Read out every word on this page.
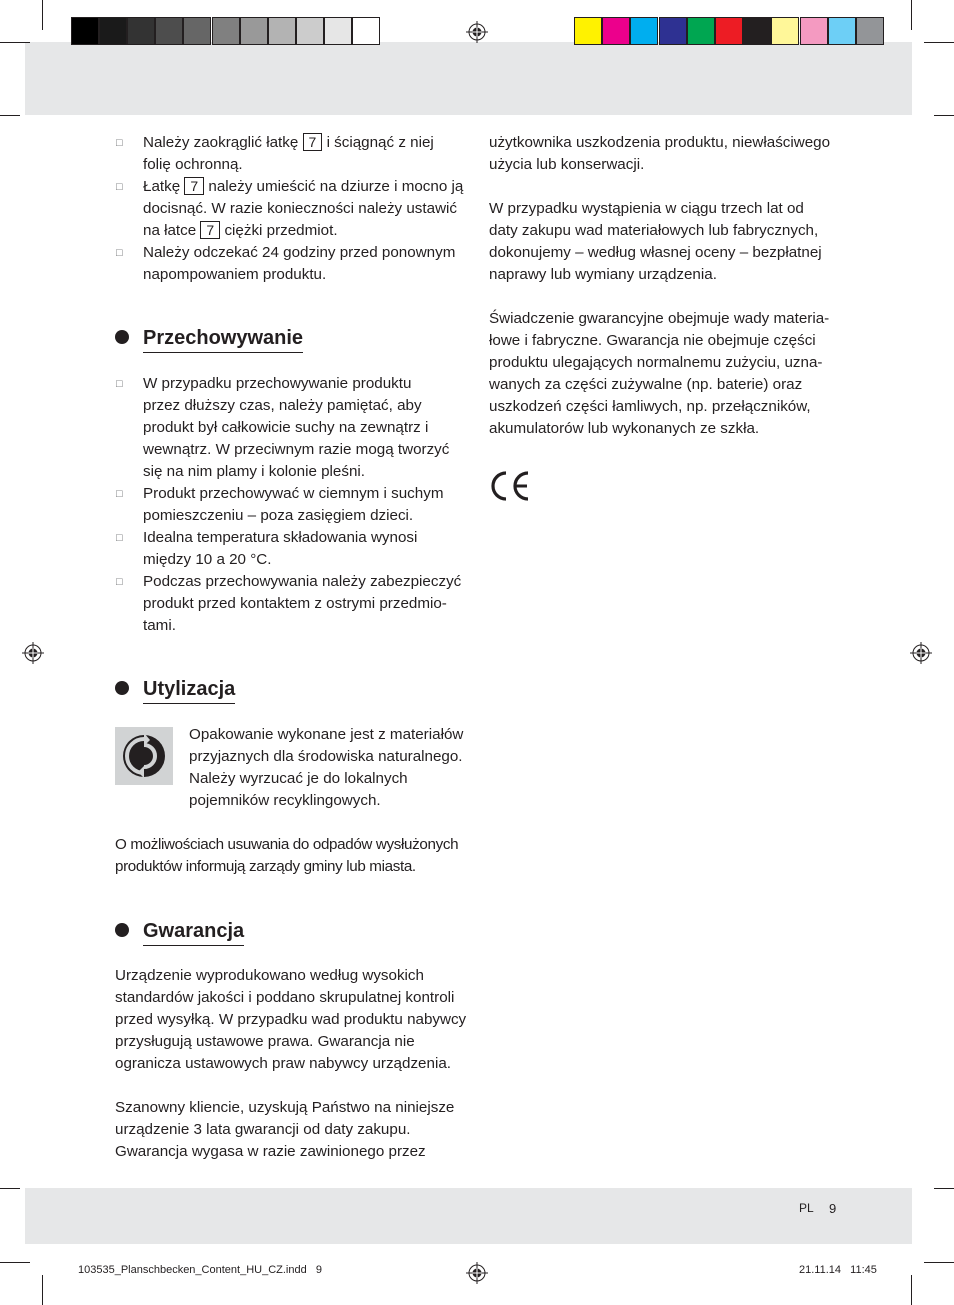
□ Należy zaokrąglić łatkę 7 i ściągnąć z niej
folię ochronną.
□ Łatkę 7 należy umieścić na dziurze i mocno ją
docisnąć. W razie konieczności należy ustawić
na łatce 7 ciężki przedmiot.
□ Należy odczekać 24 godziny przed ponownym
napompowaniem produktu.
Przechowywanie
□ W przypadku przechowywanie produktu
przez dłuższy czas, należy pamiętać, aby
produkt był całkowicie suchy na zewnątrz i
wewnątrz. W przeciwnym razie mogą tworzyć
się na nim plamy i kolonie pleśni.
□ Produkt przechowywać w ciemnym i suchym
pomieszczeniu – poza zasięgiem dzieci.
□ Idealna temperatura składowania wynosi
między 10 a 20 °C.
□ Podczas przechowywania należy zabezpieczyć
produkt przed kontaktem z ostrymi przedmio-
tami.
Utylizacja
Opakowanie wykonane jest z materiałów
przyjaznych dla środowiska naturalnego.
Należy wyrzucać je do lokalnych
pojemników recyklingowych.
O możliwościach usuwania do odpadów wysłużonych
produktów informują zarządy gminy lub miasta.
Gwarancja
Urządzenie wyprodukowano według wysokich
standardów jakości i poddano skrupulatnej kontroli
przed wysyłką. W przypadku wad produktu nabywcy
przysługują ustawowe prawa. Gwarancja nie
ogranicza ustawowych praw nabywcy urządzenia.
Szanowny kliencie, uzyskują Państwo na niniejsze
urządzenie 3 lata gwarancji od daty zakupu.
Gwarancja wygasa w razie zawinionego przez
użytkownika uszkodzenia produktu, niewłaściwego
użycia lub konserwacji.
W przypadku wystąpienia w ciągu trzech lat od
daty zakupu wad materiałowych lub fabrycznych,
dokonujemy – według własnej oceny – bezpłatnej
naprawy lub wymiany urządzenia.
Świadczenie gwarancyjne obejmuje wady materia-
łowe i fabryczne. Gwarancja nie obejmuje części
produktu ulegających normalnemu zużyciu, uzna-
wanych za części zużywalne (np. baterie) oraz
uszkodzeń części łamliwych, np. przełączników,
akumulatorów lub wykonanych ze szkła.
PL 9
103535_Planschbecken_Content_HU_CZ.indd   9	21.11.14   11:45
